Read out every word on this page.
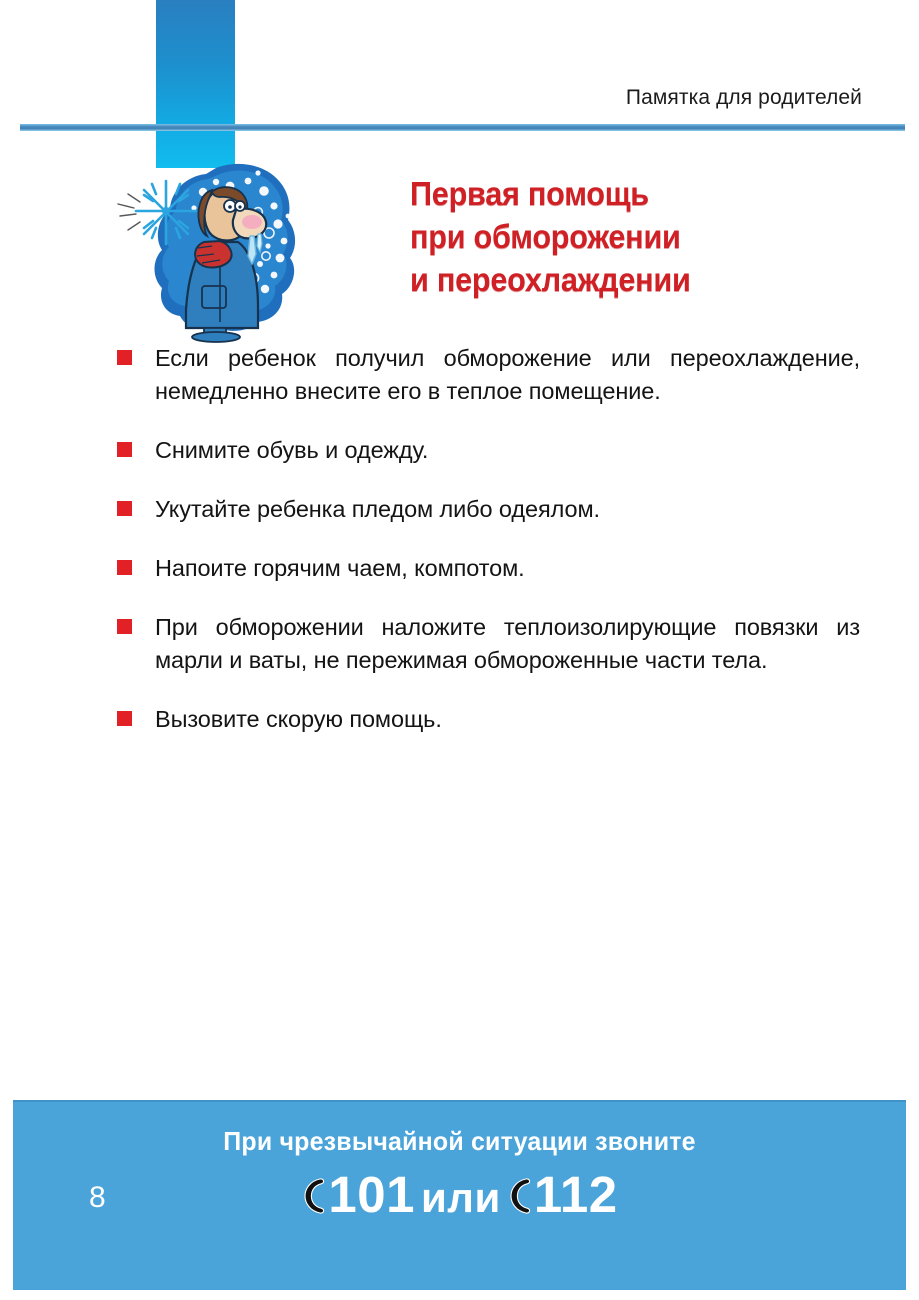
Памятка для родителей
Первая помощь
при обморожении
и переохлаждении
Если ребенок получил обморожение или переохлаждение, немедленно внесите его в теплое помещение.
Снимите обувь и одежду.
Укутайте ребенка пледом либо одеялом.
Напоите горячим чаем, компотом.
При обморожении наложите теплоизолирующие повязки из марли и ваты, не пережимая обмороженные части тела.
Вызовите скорую помощь.
При чрезвычайной ситуации звоните
101 или 112
8
